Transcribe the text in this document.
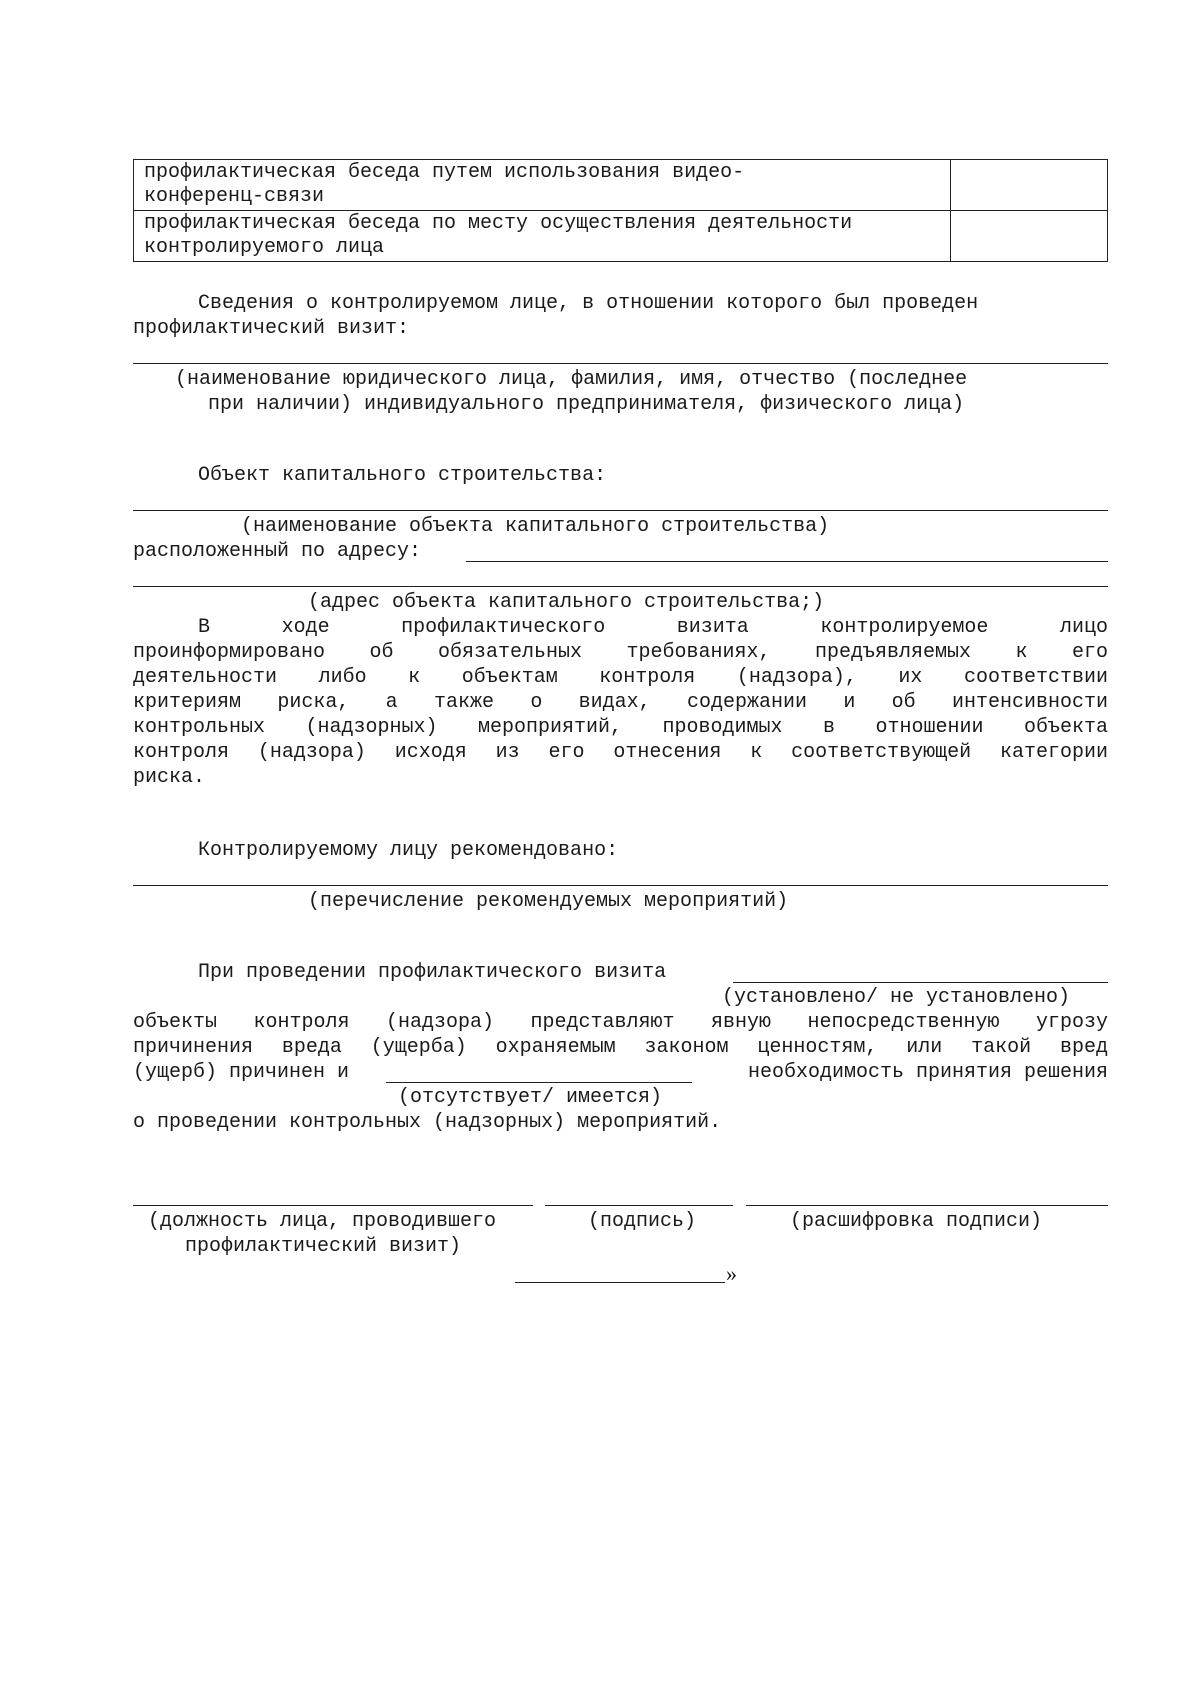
профилактическая беседа путем использования видео-
конференц-связи	

профилактическая беседа по месту осуществления деятельности
контролируемого лица	

Сведения о контролируемом лице, в отношении которого был проведен
профилактический визит:
(наименование юридического лица, фамилия, имя, отчество (последнее
при наличии) индивидуального предпринимателя, физического лица)
Объект капитального строительства:
(наименование объекта капитального строительства)
расположенный по адресу:
(адрес объекта капитального строительства;)
В ходе профилактического визита контролируемое лицо
проинформировано об обязательных требованиях, предъявляемых к его
деятельности либо к объектам контроля (надзора), их соответствии
критериям риска, а также о видах, содержании и об интенсивности
контрольных (надзорных) мероприятий, проводимых в отношении объекта
контроля (надзора) исходя из его отнесения к соответствующей категории
риска.
Контролируемому лицу рекомендовано:
(перечисление рекомендуемых мероприятий)
При проведении профилактического визита
(установлено/ не установлено)
объекты контроля (надзора) представляют явную непосредственную угрозу
причинения вреда (ущерба) охраняемым законом ценностям, или такой вред
(ущерб) причинен и	необходимость принятия решения
(отсутствует/ имеется)
о проведении контрольных (надзорных) мероприятий.
(должность лица, проводившего
профилактический визит)
(подпись)	(расшифровка подписи)
»
